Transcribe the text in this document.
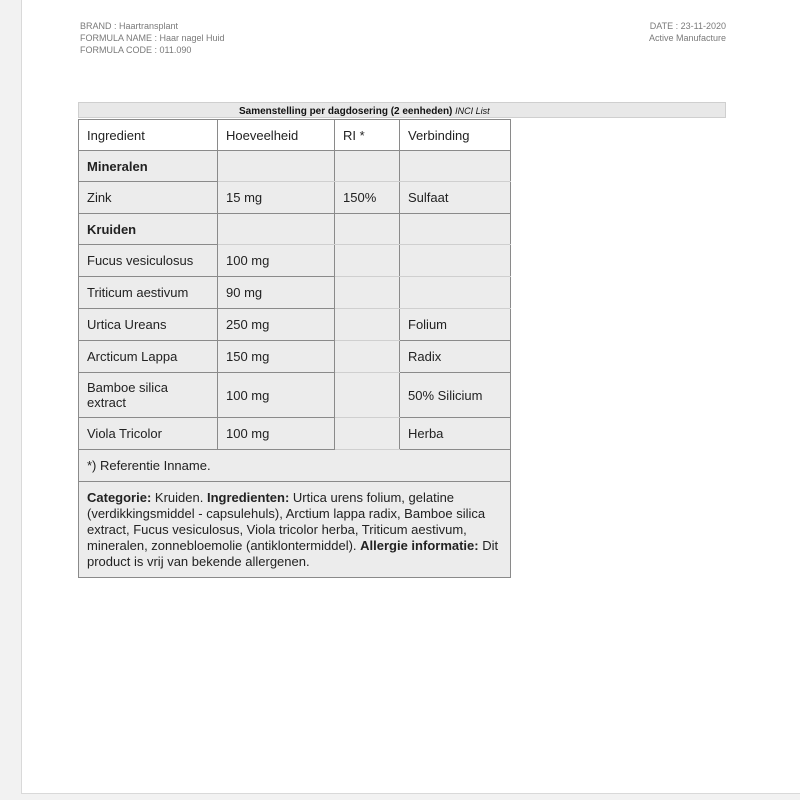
BRAND : Haartransplant
FORMULA NAME : Haar nagel Huid
FORMULA CODE : 011.090
DATE : 23-11-2020
Active Manufacture
Samenstelling per dagdosering (2 eenheden) INCI List
Ingredient	Hoeveelheid	RI *	Verbinding
Mineralen			
Zink	15 mg	150%	Sulfaat
Kruiden			
Fucus vesiculosus	100 mg		
Triticum aestivum	90 mg		
Urtica Ureans	250 mg		Folium
Arcticum Lappa	150 mg		Radix
Bamboe silica extract	100 mg		50% Silicium
Viola Tricolor	100 mg		Herba
*) Referentie Inname.			
Categorie: Kruiden. Ingredienten: Urtica urens folium, gelatine (verdikkingsmiddel - capsulehuls), Arctium lappa radix, Bamboe silica extract, Fucus vesiculosus, Viola tricolor herba, Triticum aestivum, mineralen, zonnebloemolie (antiklontermiddel). Allergie informatie: Dit product is vrij van bekende allergenen.			
